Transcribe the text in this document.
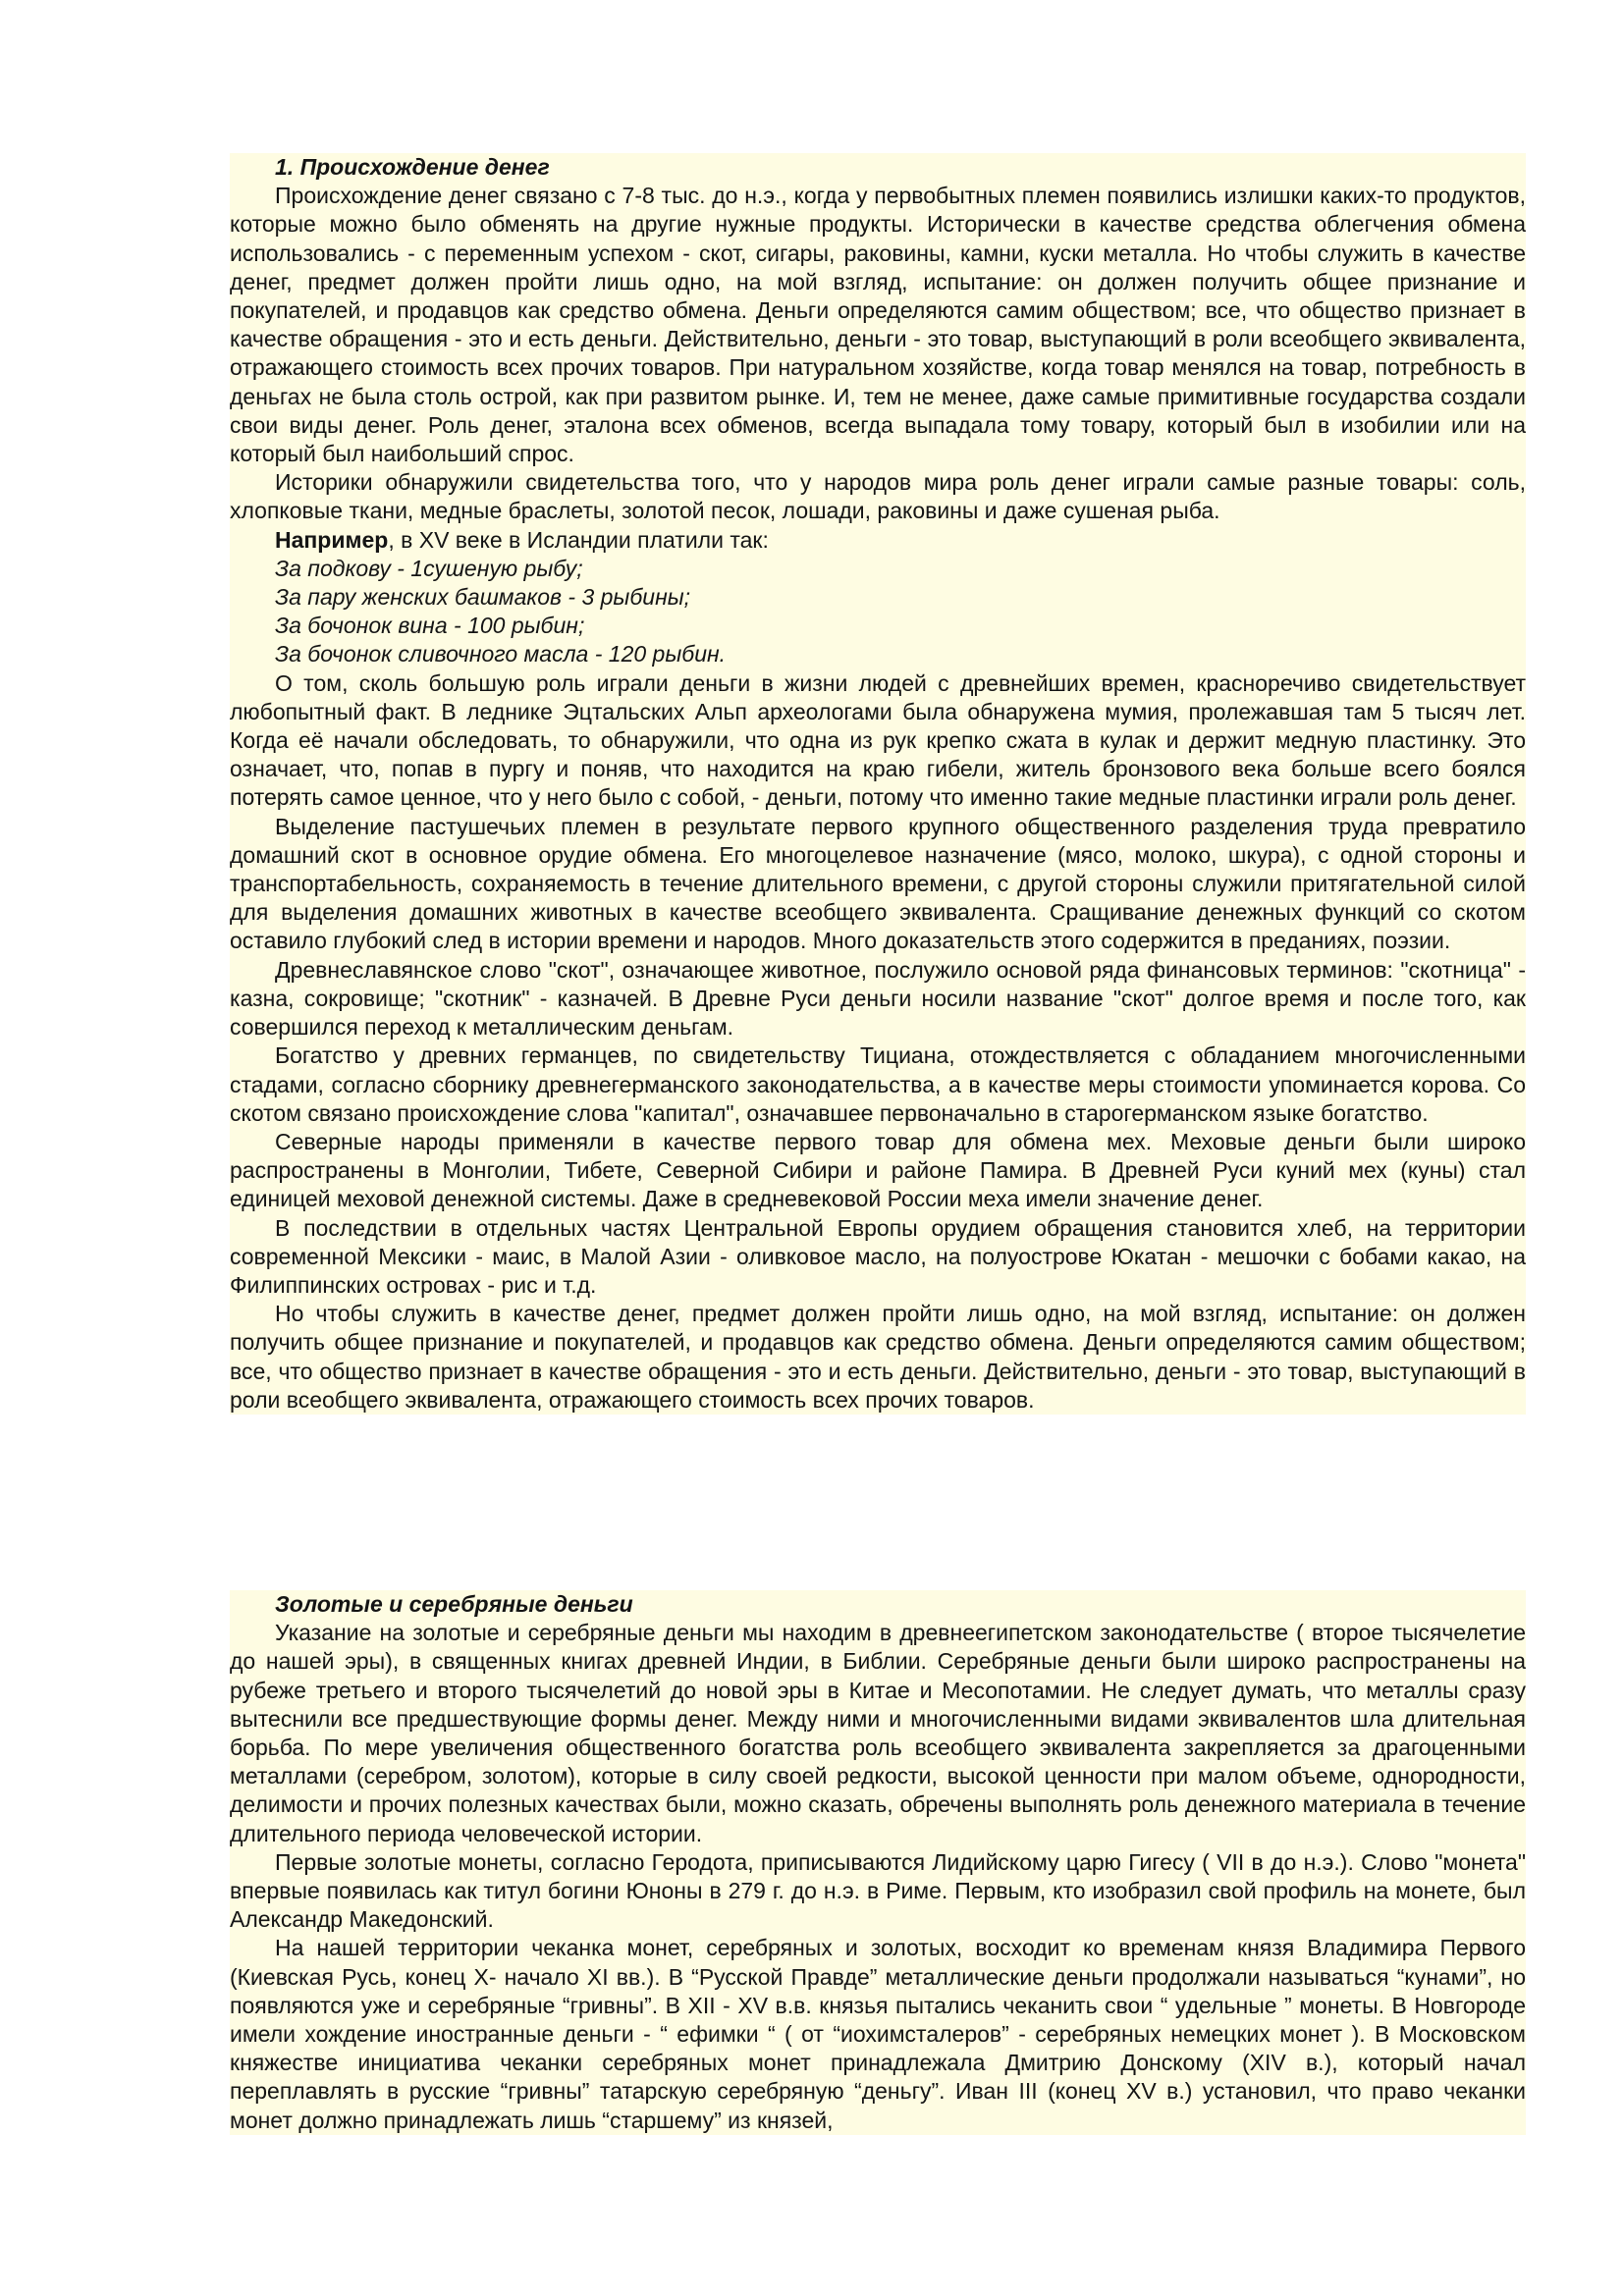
1. Происхождение денег

Происхождение денег связано с 7-8 тыс. до н.э., когда у первобытных племен появились излишки каких-то продуктов, которые можно было обменять на другие нужные продукты. Исторически в качестве средства облегчения обмена использовались - с переменным успехом - скот, сигары, раковины, камни, куски металла. Но чтобы служить в качестве денег, предмет должен пройти лишь одно, на мой взгляд, испытание: он должен получить общее признание и покупателей, и продавцов как средство обмена. Деньги определяются самим обществом; все, что общество признает в качестве обращения - это и есть деньги. Действительно, деньги - это товар, выступающий в роли всеобщего эквивалента, отражающего стоимость всех прочих товаров. При натуральном хозяйстве, когда товар менялся на товар, потребность в деньгах не была столь острой, как при развитом рынке. И, тем не менее, даже самые примитивные государства создали свои виды денег. Роль денег, эталона всех обменов, всегда выпадала тому товару, который был в изобилии или на который был наибольший спрос.

Историки обнаружили свидетельства того, что у народов мира роль денег играли самые разные товары: соль, хлопковые ткани, медные браслеты, золотой песок, лошади, раковины и даже сушеная рыба.

Например, в XV веке в Исландии платили так:

За подкову - 1сушеную рыбу;

За пару женских башмаков - 3 рыбины;

За бочонок вина - 100 рыбин;

За бочонок сливочного масла - 120 рыбин.

О том, сколь большую роль играли деньги в жизни людей с древнейших времен, красноречиво свидетельствует любопытный факт. В леднике Эцтальских Альп археологами была обнаружена мумия, пролежавшая там 5 тысяч лет. Когда её начали обследовать, то обнаружили, что одна из рук крепко сжата в кулак и держит медную пластинку. Это означает, что, попав в пургу и поняв, что находится на краю гибели, житель бронзового века больше всего боялся потерять самое ценное, что у него было с собой, - деньги, потому что именно такие медные пластинки играли роль денег.

Выделение пастушечьих племен в результате первого крупного общественного разделения труда превратило домашний скот в основное орудие обмена. Его многоцелевое назначение (мясо, молоко, шкура), с одной стороны и транспортабельность, сохраняемость в течение длительного времени, с другой стороны служили притягательной силой для выделения домашних животных в качестве всеобщего эквивалента. Сращивание денежных функций со скотом оставило глубокий след в истории времени и народов. Много доказательств этого содержится в преданиях, поэзии.

Древнеславянское слово "скот", означающее животное, послужило основой ряда финансовых терминов: "скотница" - казна, сокровище; "скотник" - казначей. В Древне Руси деньги носили название "скот" долгое время и после того, как совершился переход к металлическим деньгам.

Богатство у древних германцев, по свидетельству Тициана, отождествляется с обладанием многочисленными стадами, согласно сборнику древнегерманского законодательства, а в качестве меры стоимости упоминается корова. Со скотом связано происхождение слова "капитал", означавшее первоначально в старогерманском языке богатство.

Северные народы применяли в качестве первого товар для обмена мех. Меховые деньги были широко распространены в Монголии, Тибете, Северной Сибири и районе Памира. В Древней Руси куний мех (куны) стал единицей меховой денежной системы. Даже в средневековой России меха имели значение денег.

В последствии в отдельных частях Центральной Европы орудием обращения становится хлеб, на территории современной Мексики - маис, в Малой Азии - оливковое масло, на полуострове Юкатан - мешочки с бобами какао, на Филиппинских островах - рис и т.д.

Но чтобы служить в качестве денег, предмет должен пройти лишь одно, на мой взгляд, испытание: он должен получить общее признание и покупателей, и продавцов как средство обмена. Деньги определяются самим обществом; все, что общество признает в качестве обращения - это и есть деньги. Действительно, деньги - это товар, выступающий в роли всеобщего эквивалента, отражающего стоимость всех прочих товаров.

Золотые и серебряные деньги

Указание на золотые и серебряные деньги мы находим в древнеегипетском законодательстве ( второе тысячелетие до нашей эры), в священных книгах древней Индии, в Библии. Серебряные деньги были широко распространены на рубеже третьего и второго тысячелетий до новой эры в Китае и Месопотамии. Не следует думать, что металлы сразу вытеснили все предшествующие формы денег. Между ними и многочисленными видами эквивалентов шла длительная борьба. По мере увеличения общественного богатства роль всеобщего эквивалента закрепляется за драгоценными металлами (серебром, золотом), которые в силу своей редкости, высокой ценности при малом объеме, однородности, делимости и прочих полезных качествах были, можно сказать, обречены выполнять роль денежного материала в течение длительного периода человеческой истории.

Первые золотые монеты, согласно Геродота, приписываются Лидийскому царю Гигесу ( VII в до н.э.). Слово "монета" впервые появилась как титул богини Юноны в 279 г. до н.э. в Риме. Первым, кто изобразил свой профиль на монете, был Александр Македонский.

На нашей территории чеканка монет, серебряных и золотых, восходит ко временам князя Владимира Первого (Киевская Русь, конец X- начало XI вв.). В “Русской Правде” металлические деньги продолжали называться “кунами”, но появляются уже и серебряные “гривны”. В XII - XV в.в. князья пытались чеканить свои “ удельные ” монеты. В Новгороде имели хождение иностранные деньги - “ ефимки “ ( от “иохимсталеров” - серебряных немецких монет ). В Московском княжестве инициатива чеканки серебряных монет принадлежала Дмитрию Донскому (XIV в.), который начал переплавлять в русские “гривны” татарскую серебряную “деньгу”. Иван III (конец XV в.) установил, что право чеканки монет должно принадлежать лишь “старшему” из князей,
